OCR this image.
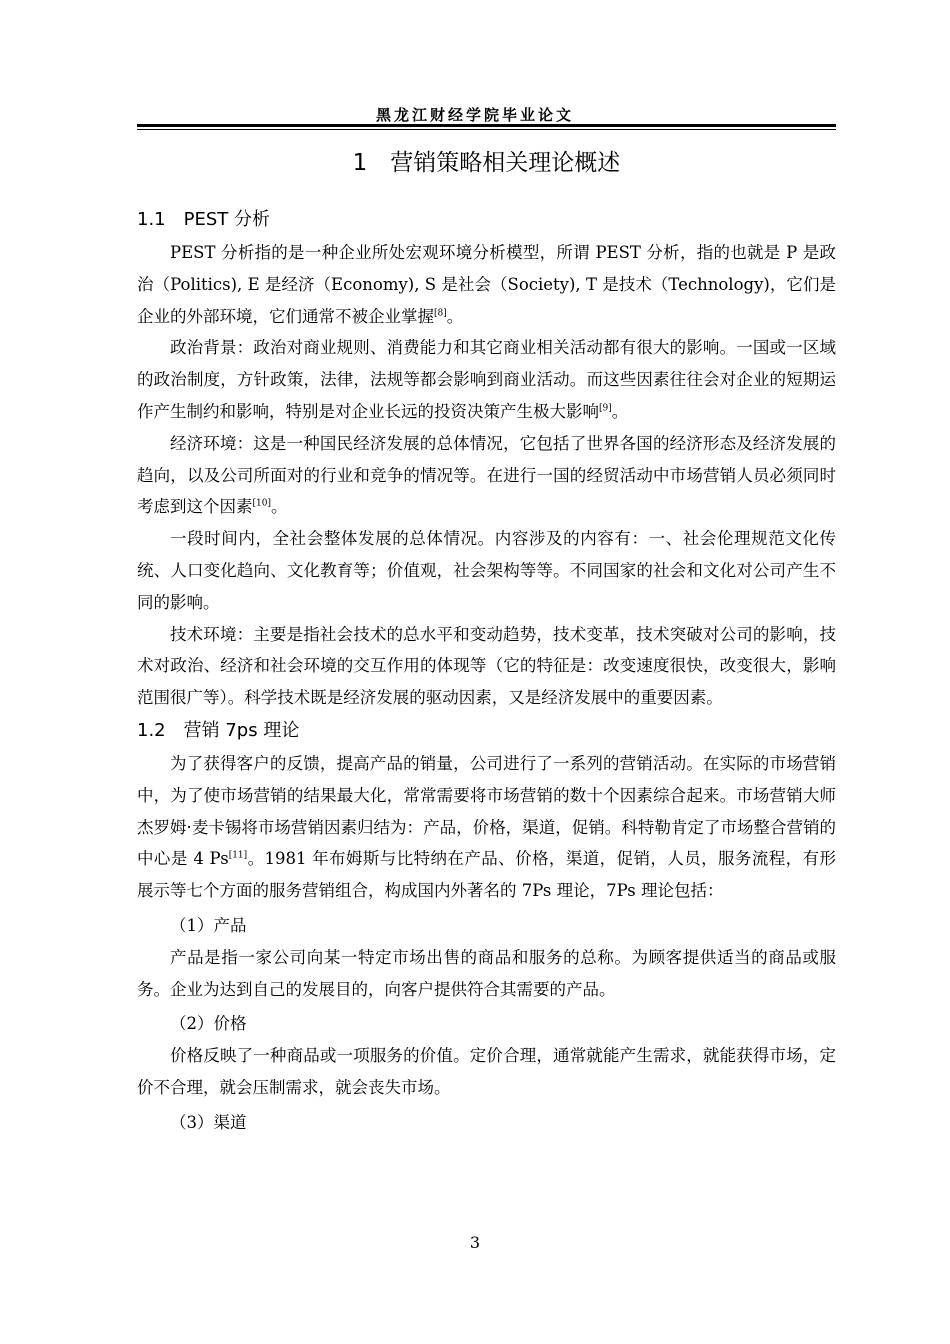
黑龙江财经学院毕业论文
1　营销策略相关理论概述
1.1　PEST 分析

PEST 分析指的是一种企业所处宏观环境分析模型，所谓 PEST 分析，指的也就是 P 是政治（Politics), E 是经济（Economy), S 是社会（Society), T 是技术（Technology)，它们是企业的外部环境，它们通常不被企业掌握[8]。

政治背景：政治对商业规则、消费能力和其它商业相关活动都有很大的影响。一国或一区域的政治制度，方针政策，法律，法规等都会影响到商业活动。而这些因素往往会对企业的短期运作产生制约和影响，特别是对企业长远的投资决策产生极大影响[9]。

经济环境：这是一种国民经济发展的总体情况，它包括了世界各国的经济形态及经济发展的趋向，以及公司所面对的行业和竞争的情况等。在进行一国的经贸活动中市场营销人员必须同时考虑到这个因素[10]。

一段时间内，全社会整体发展的总体情况。内容涉及的内容有：一、社会伦理规范文化传统、人口变化趋向、文化教育等；价值观，社会架构等等。不同国家的社会和文化对公司产生不同的影响。

技术环境：主要是指社会技术的总水平和变动趋势，技术变革，技术突破对公司的影响，技术对政治、经济和社会环境的交互作用的体现等（它的特征是：改变速度很快，改变很大，影响范围很广等）。科学技术既是经济发展的驱动因素，又是经济发展中的重要因素。

1.2　营销 7ps 理论

为了获得客户的反馈，提高产品的销量，公司进行了一系列的营销活动。在实际的市场营销中，为了使市场营销的结果最大化，常常需要将市场营销的数十个因素综合起来。市场营销大师杰罗姆·麦卡锡将市场营销因素归结为：产品，价格，渠道，促销。科特勒肯定了市场整合营销的中心是 4 Ps[11]。1981 年布姆斯与比特纳在产品、价格，渠道，促销，人员，服务流程，有形展示等七个方面的服务营销组合，构成国内外著名的 7Ps 理论，7Ps 理论包括：

（1）产品

产品是指一家公司向某一特定市场出售的商品和服务的总称。为顾客提供适当的商品或服务。企业为达到自己的发展目的，向客户提供符合其需要的产品。

（2）价格

价格反映了一种商品或一项服务的价值。定价合理，通常就能产生需求，就能获得市场，定价不合理，就会压制需求，就会丧失市场。

（3）渠道

3
